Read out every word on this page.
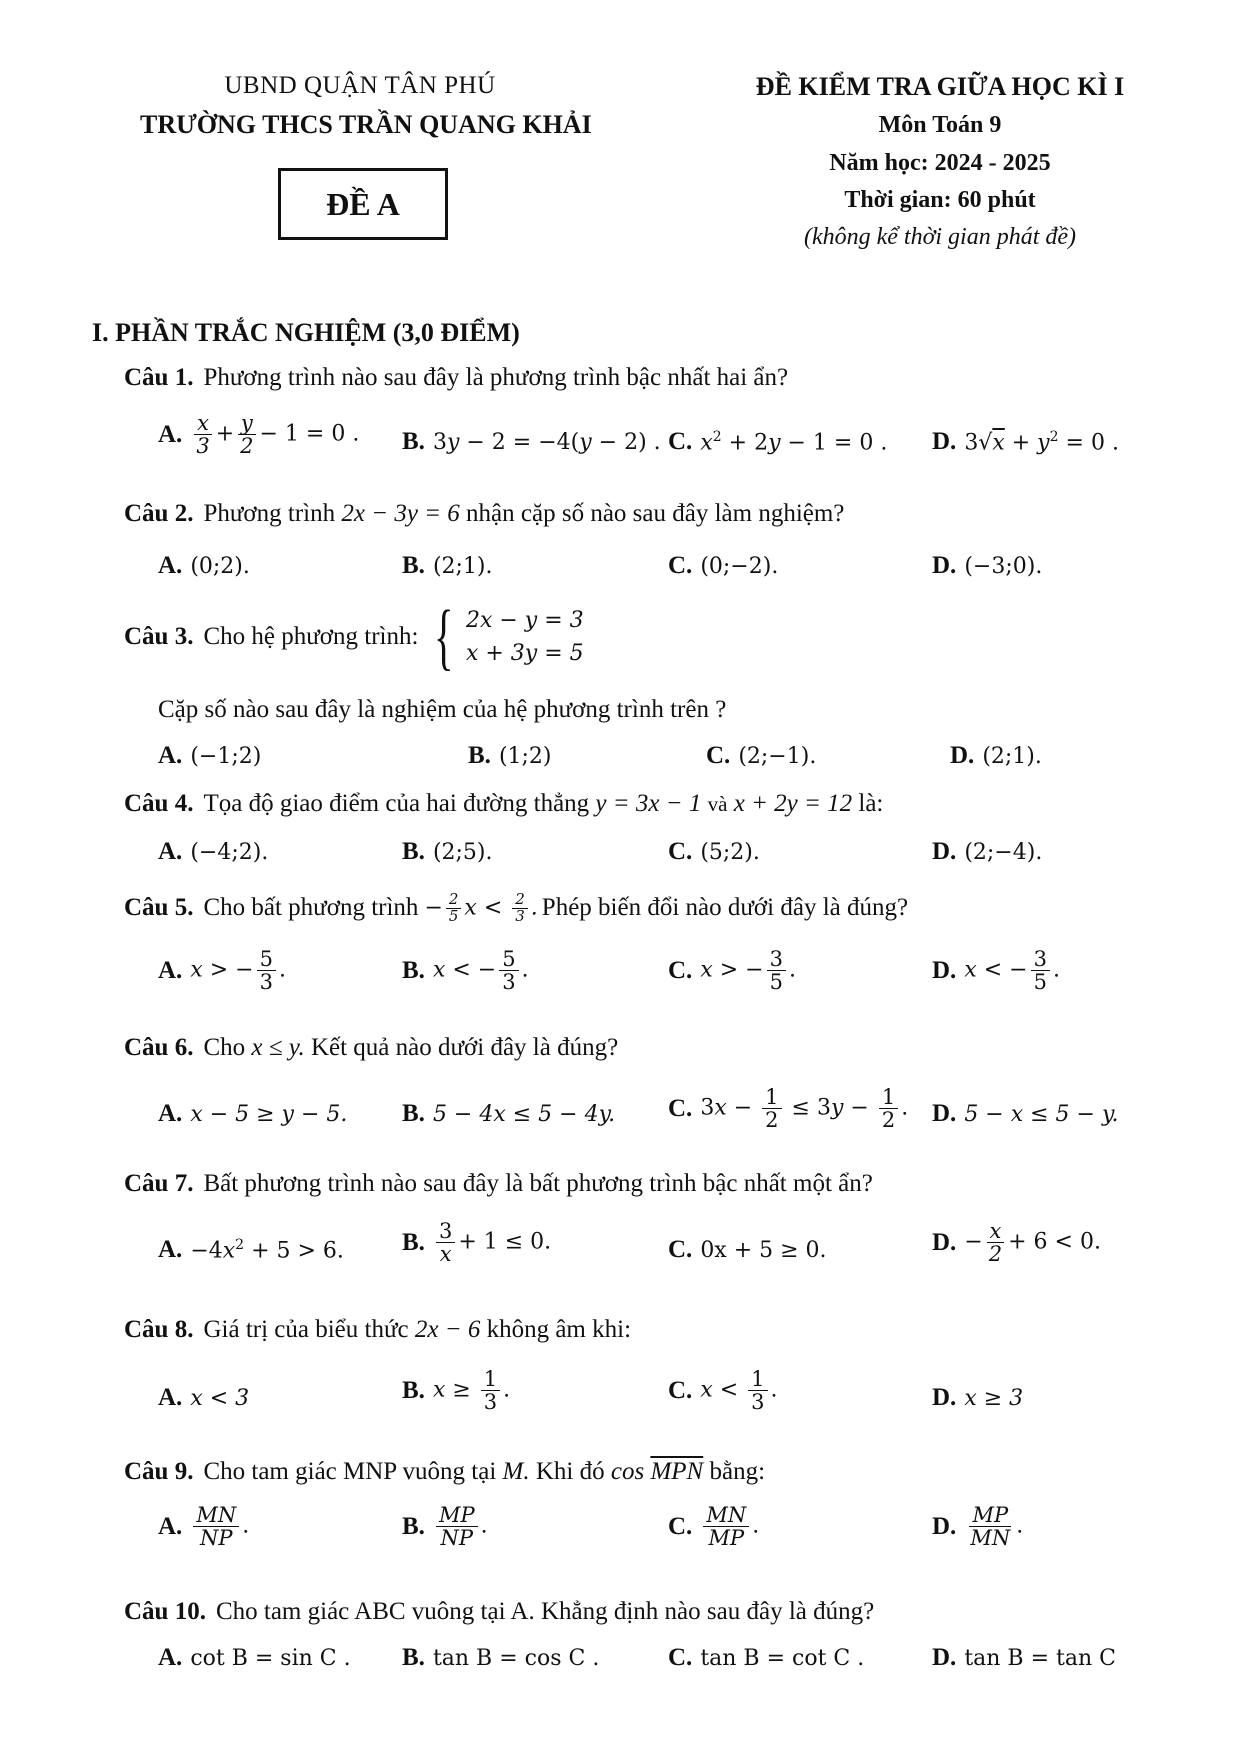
UBND QUẬN TÂN PHÚ
TRƯỜNG THCS TRẦN QUANG KHẢI
ĐỀ A
ĐỀ KIỂM TRA GIỮA HỌC KÌ I
Môn Toán 9
Năm học: 2024 - 2025
Thời gian: 60 phút
(không kể thời gian phát đề)
I. PHẦN TRẮC NGHIỆM (3,0 ĐIỂM)
Câu 1. Phương trình nào sau đây là phương trình bậc nhất hai ẩn?
A. $\frac{x}{3} + \frac{y}{2} - 1 = 0$ . B. 3y − 2 = −4(y − 2) . C. $x^2 + 2y - 1 = 0$ . D. $3√x + y^2 = 0$ .
Câu 2. Phương trình 2x − 3y = 6 nhận cặp số nào sau đây làm nghiệm?
A. (0;2).	B. (2;1).	C. (0;−2).	D. (−3;0).
Câu 3. Cho hệ phương trình: { 2x − y = 3
x + 3y = 5
Cặp số nào sau đây là nghiệm của hệ phương trình trên ?
A. (−1;2)	B. (1;2)	C. (2;−1).	D. (2;1).
Câu 4. Tọa độ giao điểm của hai đường thẳng y = 3x − 1 và x + 2y = 12 là:
A. (−4;2).	B. (2;5).	C. (5;2).	D. (2;−4).
Câu 5. Cho bất phương trình − $\frac{2}{5}$ $x < \frac{2}{3}$ . Phép biến đổi nào dưới đây là đúng?
A. x > − $\frac{5}{3}$ .	B. x < − $\frac{5}{3}$ .	C. x > − $\frac{3}{5}$ .	D. x < − $\frac{3}{5}$ .
Câu 6. Cho x ≤ y. Kết quả nào dưới đây là đúng?
A. x − 5 ≥ y − 5. B. 5 − 4x ≤ 5 − 4y. C. $3x - \frac{1}{2} \le 3y - \frac{1}{2}$ . D. 5 − x ≤ 5 − y.
Câu 7. Bất phương trình nào sau đây là bất phương trình bậc nhất một ẩn?
A. $-4x^2 + 5 > 6$. B. $\frac{3}{x} + 1 \le 0$.	C. 0x + 5 ≥ 0.	D. − $\frac{x}{2} + 6 < 0$.
Câu 8. Giá trị của biểu thức 2x − 6 không âm khi:
A. x < 3	B. $x \ge \frac{1}{3}$ .	C. $x < \frac{1}{3}$ .	D. x ≥ 3
Câu 9. Cho tam giác MNP vuông tại M. Khi đó $\cos \overline{MPN}$ bằng:
A. $\frac{MN}{NP}$ .	B. $\frac{MP}{NP}$ .	C. $\frac{MN}{MP}$ .	D. $\frac{MP}{MN}$ .
Câu 10. Cho tam giác ABC vuông tại A. Khẳng định nào sau đây là đúng?
A. cot B = sin C . B. tan B = cos C .	C. tan B = cot C .	D. tan B = tan C
